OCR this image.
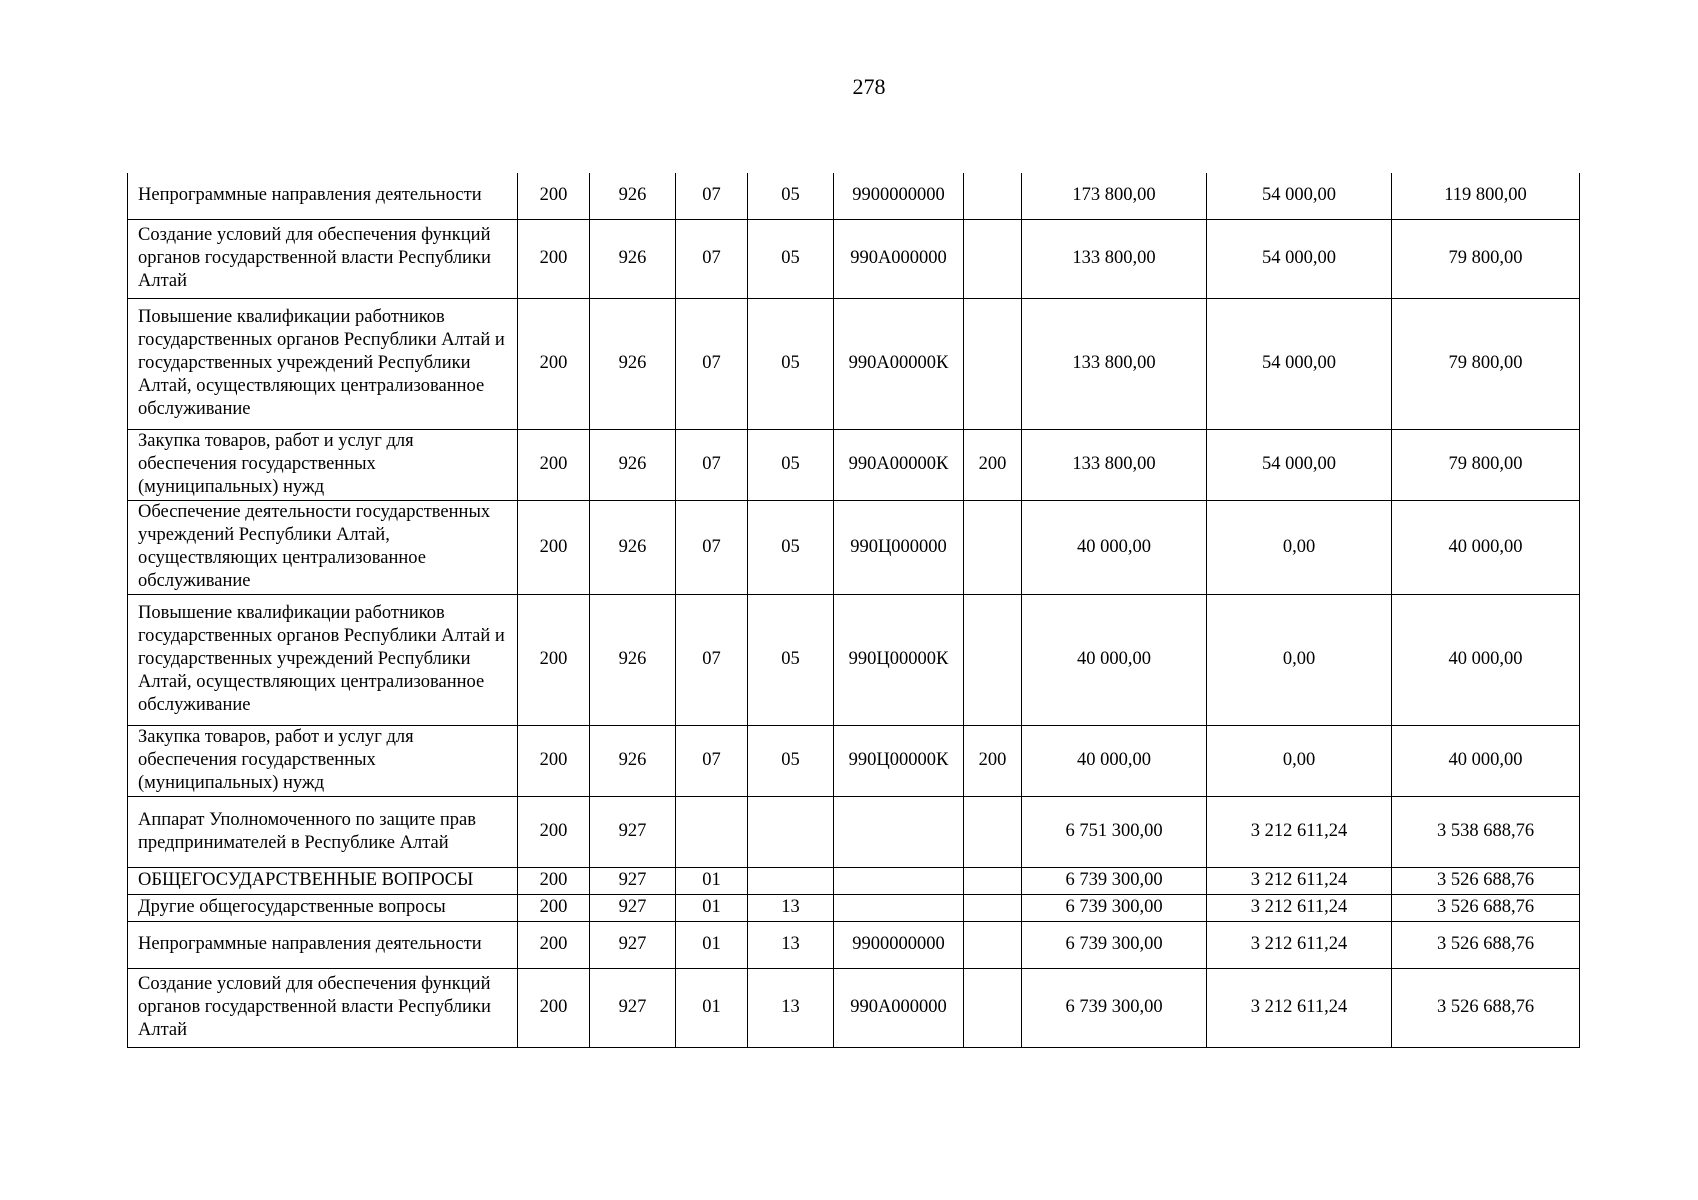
278
Непрограммные направления деятельности	200	926	07	05	9900000000		173 800,00	54 000,00	119 800,00
Создание условий для обеспечения функций органов государственной власти Республики Алтай	200	926	07	05	990А000000		133 800,00	54 000,00	79 800,00
Повышение квалификации работников государственных органов Республики Алтай и государственных учреждений Республики Алтай, осуществляющих централизованное обслуживание	200	926	07	05	990А00000К		133 800,00	54 000,00	79 800,00
Закупка товаров, работ и услуг для обеспечения государственных (муниципальных) нужд	200	926	07	05	990А00000К	200	133 800,00	54 000,00	79 800,00
Обеспечение деятельности государственных учреждений Республики Алтай, осуществляющих централизованное обслуживание	200	926	07	05	990Ц000000		40 000,00	0,00	40 000,00
Повышение квалификации работников государственных органов Республики Алтай и государственных учреждений Республики Алтай, осуществляющих централизованное обслуживание	200	926	07	05	990Ц00000К		40 000,00	0,00	40 000,00
Закупка товаров, работ и услуг для обеспечения государственных (муниципальных) нужд	200	926	07	05	990Ц00000К	200	40 000,00	0,00	40 000,00
Аппарат Уполномоченного по защите прав предпринимателей в Республике Алтай	200	927					6 751 300,00	3 212 611,24	3 538 688,76
ОБЩЕГОСУДАРСТВЕННЫЕ ВОПРОСЫ	200	927	01				6 739 300,00	3 212 611,24	3 526 688,76
Другие общегосударственные вопросы	200	927	01	13			6 739 300,00	3 212 611,24	3 526 688,76
Непрограммные направления деятельности	200	927	01	13	9900000000		6 739 300,00	3 212 611,24	3 526 688,76
Создание условий для обеспечения функций органов государственной власти Республики Алтай	200	927	01	13	990А000000		6 739 300,00	3 212 611,24	3 526 688,76
